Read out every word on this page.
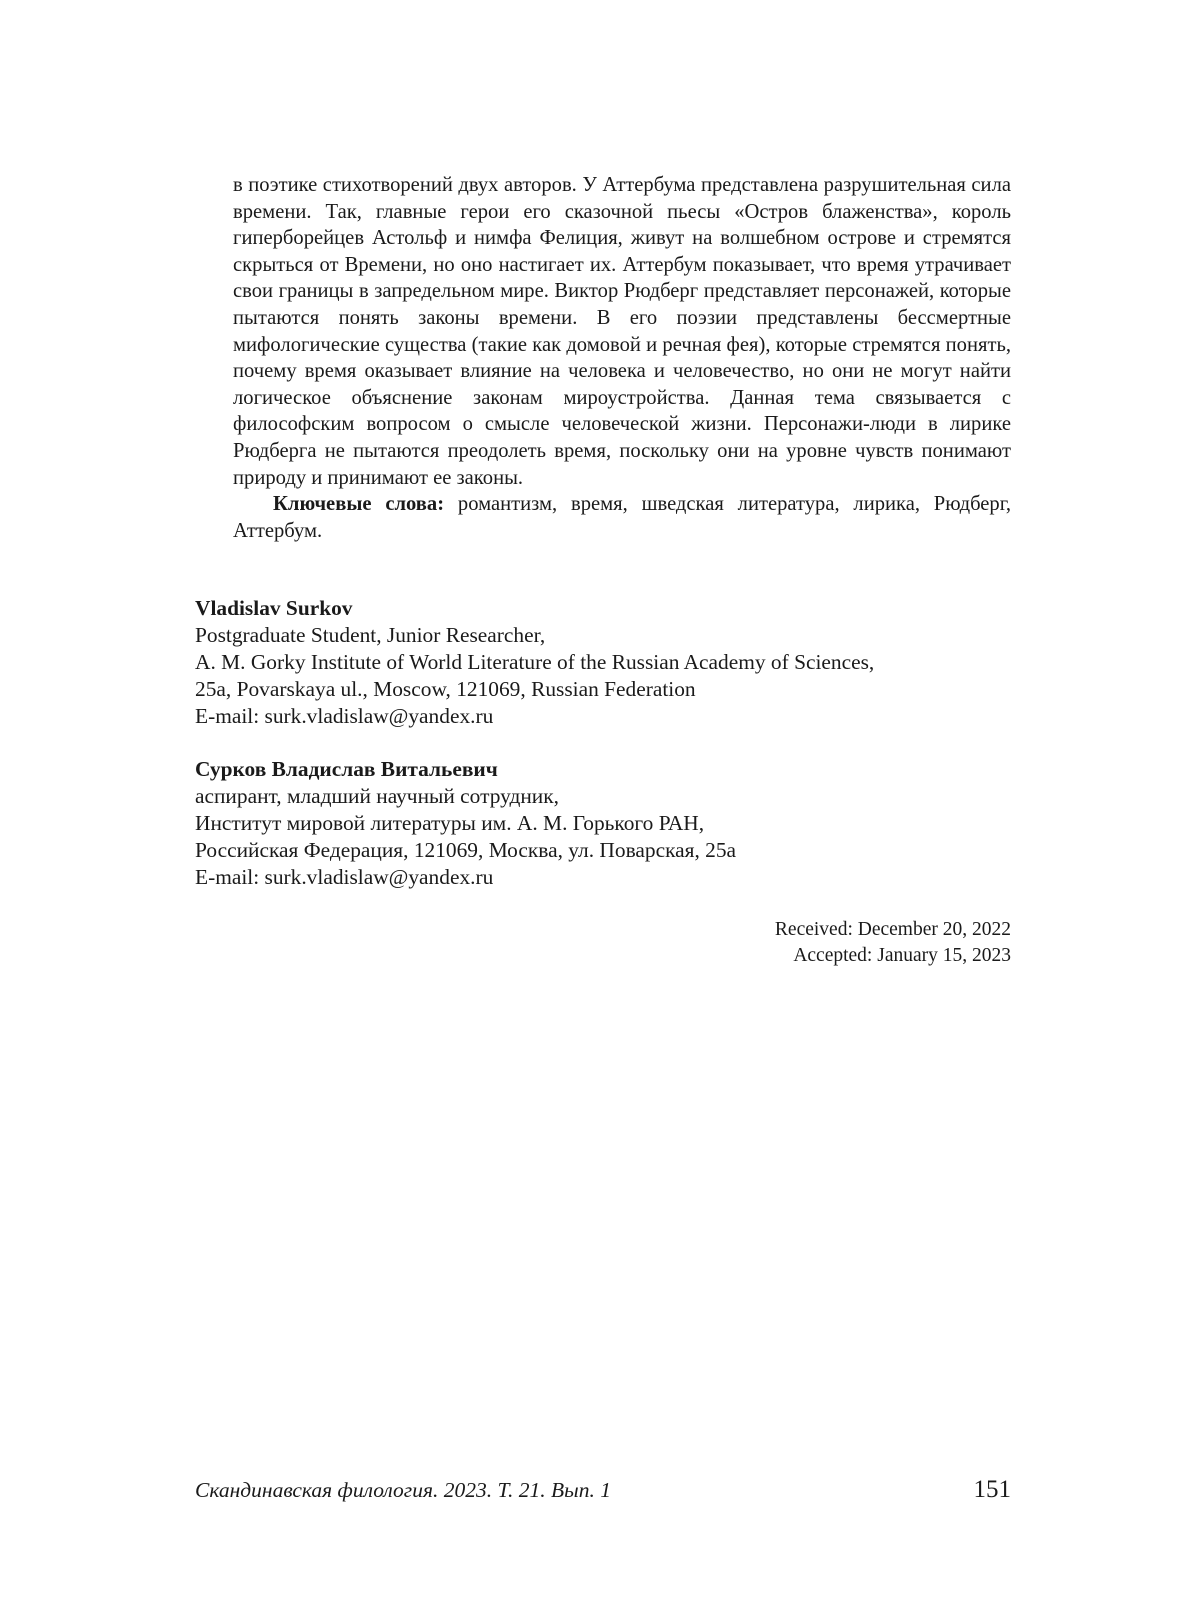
в поэтике стихотворений двух авторов. У Аттербума представлена разрушительная сила времени. Так, главные герои его сказочной пьесы «Остров блаженства», король гиперборейцев Астольф и нимфа Фелиция, живут на волшебном острове и стремятся скрыться от Времени, но оно настигает их. Аттербум показывает, что время утрачивает свои границы в запредельном мире. Виктор Рюдберг представляет персонажей, которые пытаются понять законы времени. В его поэзии представлены бессмертные мифологические существа (такие как домовой и речная фея), которые стремятся понять, почему время оказывает влияние на человека и человечество, но они не могут найти логическое объяснение законам мироустройства. Данная тема связывается с философским вопросом о смысле человеческой жизни. Персонажи-люди в лирике Рюдберга не пытаются преодолеть время, поскольку они на уровне чувств понимают природу и принимают ее законы.

Ключевые слова: романтизм, время, шведская литература, лирика, Рюдберг, Аттербум.

Vladislav Surkov
Postgraduate Student, Junior Researcher,
A. M. Gorky Institute of World Literature of the Russian Academy of Sciences,
25a, Povarskaya ul., Moscow, 121069, Russian Federation
E-mail: surk.vladislaw@yandex.ru
Сурков Владислав Витальевич
аспирант, младший научный сотрудник,
Институт мировой литературы им. А. М. Горького РАН,
Российская Федерация, 121069, Москва, ул. Поварская, 25а
E-mail: surk.vladislaw@yandex.ru
Received: December 20, 2022
Accepted: January 15, 2023
Скандинавская филология. 2023. Т. 21. Вып. 1	151
